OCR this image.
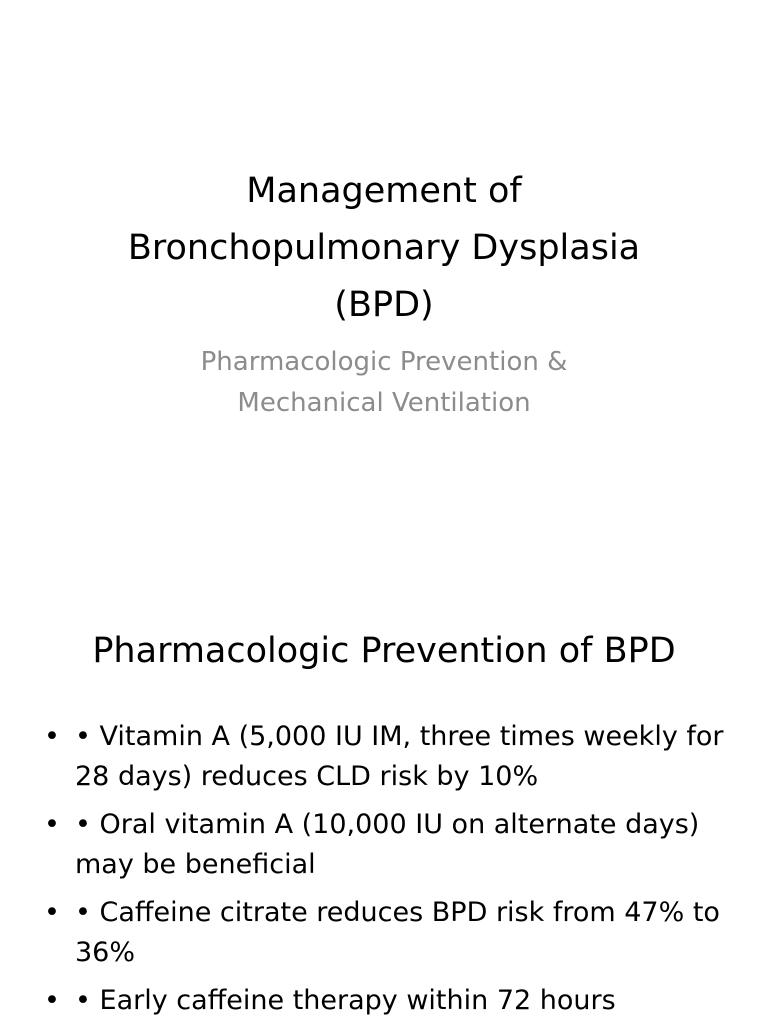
Management of
Bronchopulmonary Dysplasia
(BPD)

Pharmacologic Prevention &
Mechanical Ventilation

Pharmacologic Prevention of BPD
• • Vitamin A (5,000 IU IM, three times weekly for 28 days) reduces CLD risk by 10%
• • Oral vitamin A (10,000 IU on alternate days) may be beneficial
• • Caffeine citrate reduces BPD risk from 47% to 36%
• • Early caffeine therapy within 72 hours
